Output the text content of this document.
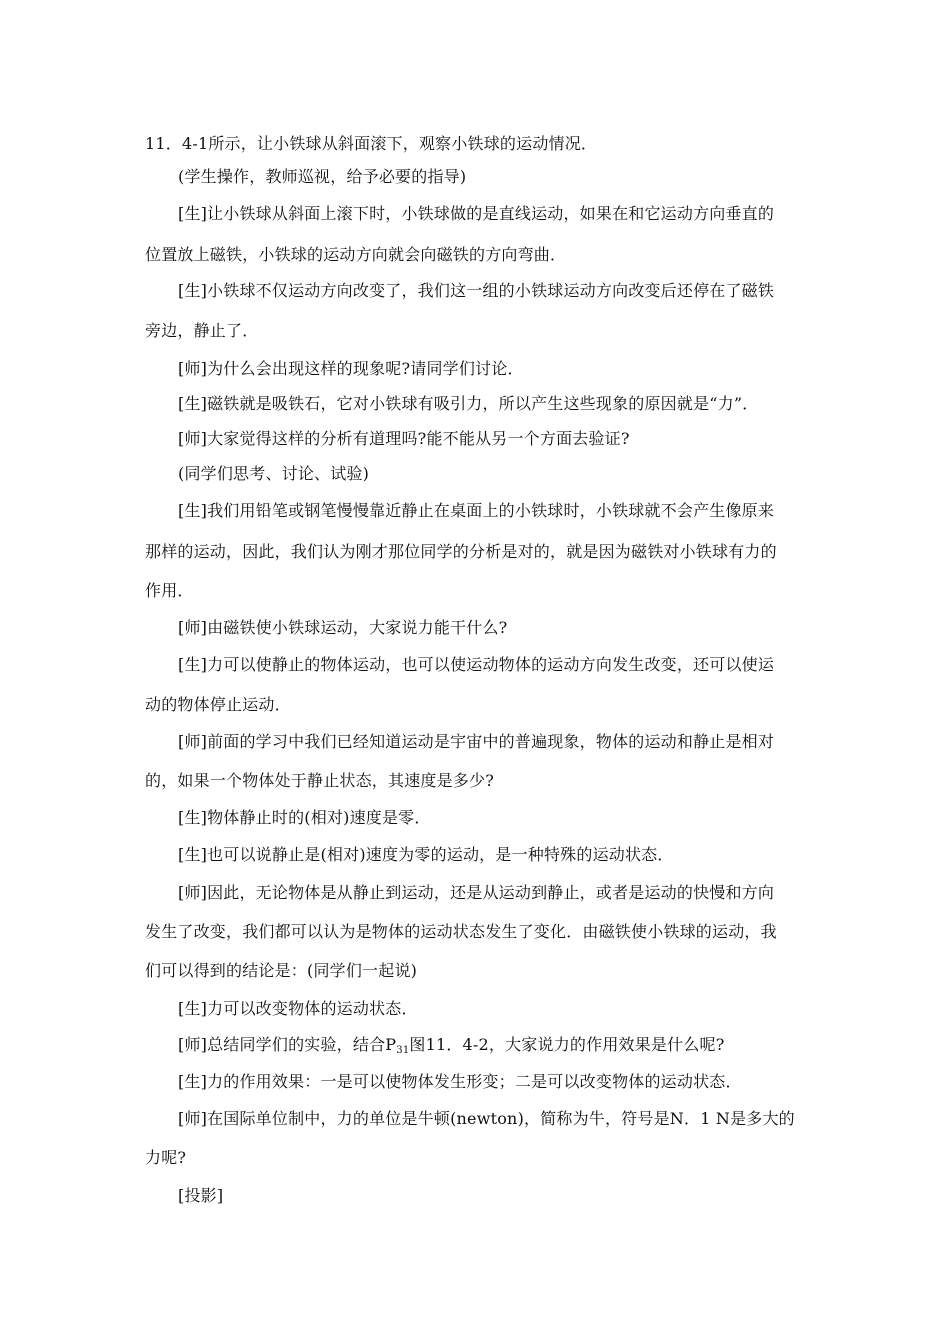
11．4-1所示，让小铁球从斜面滚下，观察小铁球的运动情况．
(学生操作，教师巡视，给予必要的指导)
[生]让小铁球从斜面上滚下时，小铁球做的是直线运动，如果在和它运动方向垂直的
位置放上磁铁，小铁球的运动方向就会向磁铁的方向弯曲．
[生]小铁球不仅运动方向改变了，我们这一组的小铁球运动方向改变后还停在了磁铁
旁边，静止了．
[师]为什么会出现这样的现象呢?请同学们讨论．
[生]磁铁就是吸铁石，它对小铁球有吸引力，所以产生这些现象的原因就是“力”．
[师]大家觉得这样的分析有道理吗?能不能从另一个方面去验证?
(同学们思考、讨论、试验)
[生]我们用铅笔或钢笔慢慢靠近静止在桌面上的小铁球时，小铁球就不会产生像原来
那样的运动，因此，我们认为刚才那位同学的分析是对的，就是因为磁铁对小铁球有力的
作用．
[师]由磁铁使小铁球运动，大家说力能干什么?
[生]力可以使静止的物体运动，也可以使运动物体的运动方向发生改变，还可以使运
动的物体停止运动．
[师]前面的学习中我们已经知道运动是宇宙中的普遍现象，物体的运动和静止是相对
的，如果一个物体处于静止状态，其速度是多少?
[生]物体静止时的(相对)速度是零．
[生]也可以说静止是(相对)速度为零的运动，是一种特殊的运动状态．
[师]因此，无论物体是从静止到运动，还是从运动到静止，或者是运动的快慢和方向
发生了改变，我们都可以认为是物体的运动状态发生了变化．由磁铁使小铁球的运动，我
们可以得到的结论是：(同学们一起说)
[生]力可以改变物体的运动状态．
[师]总结同学们的实验，结合$P_{31}$图11．4-2，大家说力的作用效果是什么呢?
[生]力的作用效果：一是可以使物体发生形变；二是可以改变物体的运动状态．
[师]在国际单位制中，力的单位是牛顿(newton)，简称为牛，符号是N．1 N是多大的
力呢?
[投影]
